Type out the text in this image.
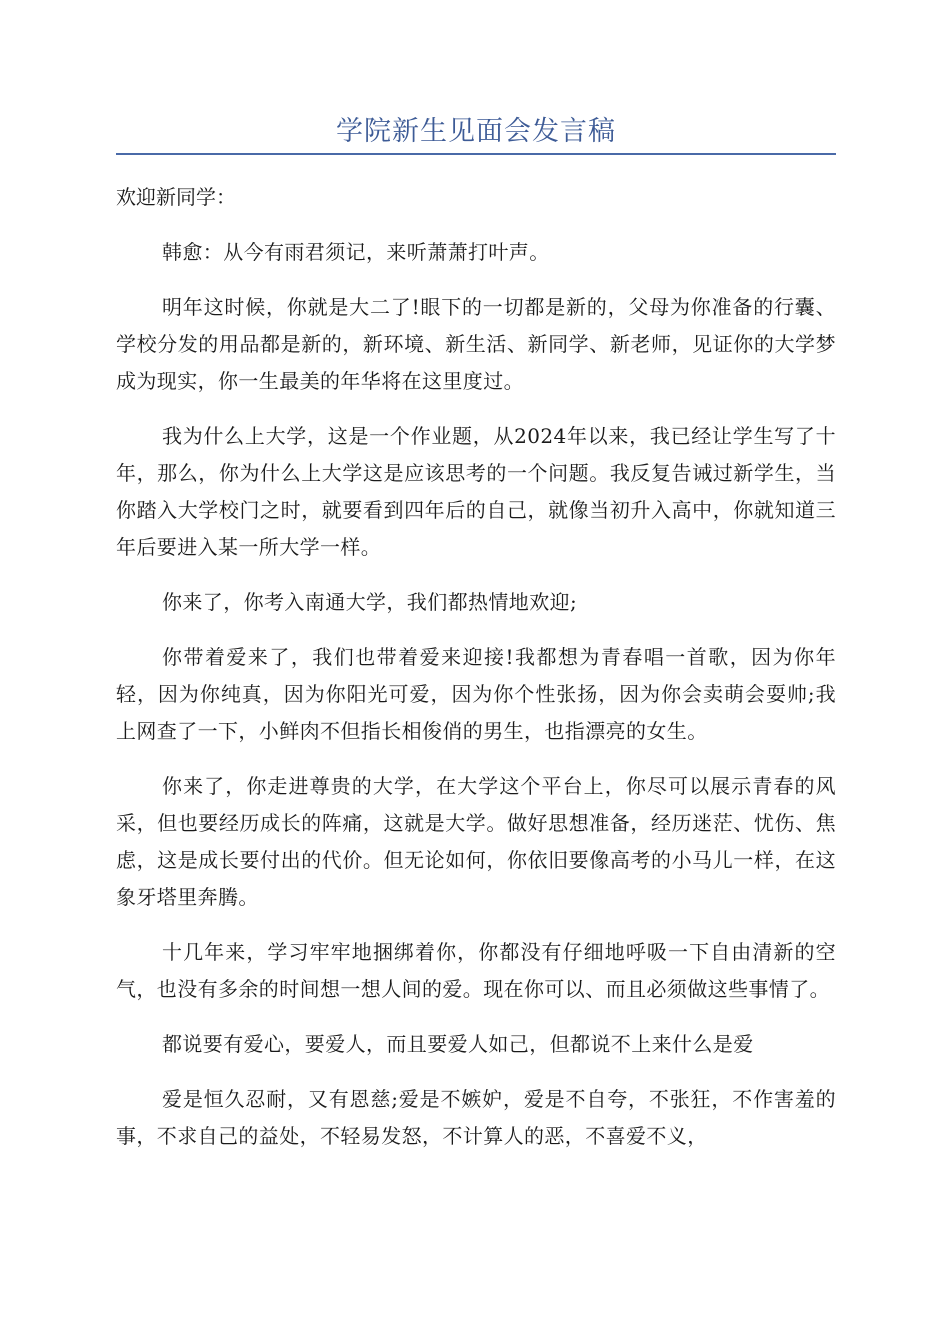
学院新生见面会发言稿

欢迎新同学：

韩愈：从今有雨君须记，来听萧萧打叶声。

明年这时候，你就是大二了!眼下的一切都是新的，父母为你准备的行囊、学校分发的用品都是新的，新环境、新生活、新同学、新老师，见证你的大学梦成为现实，你一生最美的年华将在这里度过。

我为什么上大学，这是一个作业题，从2024年以来，我已经让学生写了十年，那么，你为什么上大学这是应该思考的一个问题。我反复告诫过新学生，当你踏入大学校门之时，就要看到四年后的自己，就像当初升入高中，你就知道三年后要进入某一所大学一样。

你来了，你考入南通大学，我们都热情地欢迎;

你带着爱来了，我们也带着爱来迎接!我都想为青春唱一首歌，因为你年轻，因为你纯真，因为你阳光可爱，因为你个性张扬，因为你会卖萌会耍帅;我上网查了一下，小鲜肉不但指长相俊俏的男生，也指漂亮的女生。

你来了，你走进尊贵的大学，在大学这个平台上，你尽可以展示青春的风采，但也要经历成长的阵痛，这就是大学。做好思想准备，经历迷茫、忧伤、焦虑，这是成长要付出的代价。但无论如何，你依旧要像高考的小马儿一样，在这象牙塔里奔腾。

十几年来，学习牢牢地捆绑着你，你都没有仔细地呼吸一下自由清新的空气，也没有多余的时间想一想人间的爱。现在你可以、而且必须做这些事情了。

都说要有爱心，要爱人，而且要爱人如己，但都说不上来什么是爱

爱是恒久忍耐，又有恩慈;爱是不嫉妒，爱是不自夸，不张狂，不作害羞的事，不求自己的益处，不轻易发怒，不计算人的恶，不喜爱不义，
